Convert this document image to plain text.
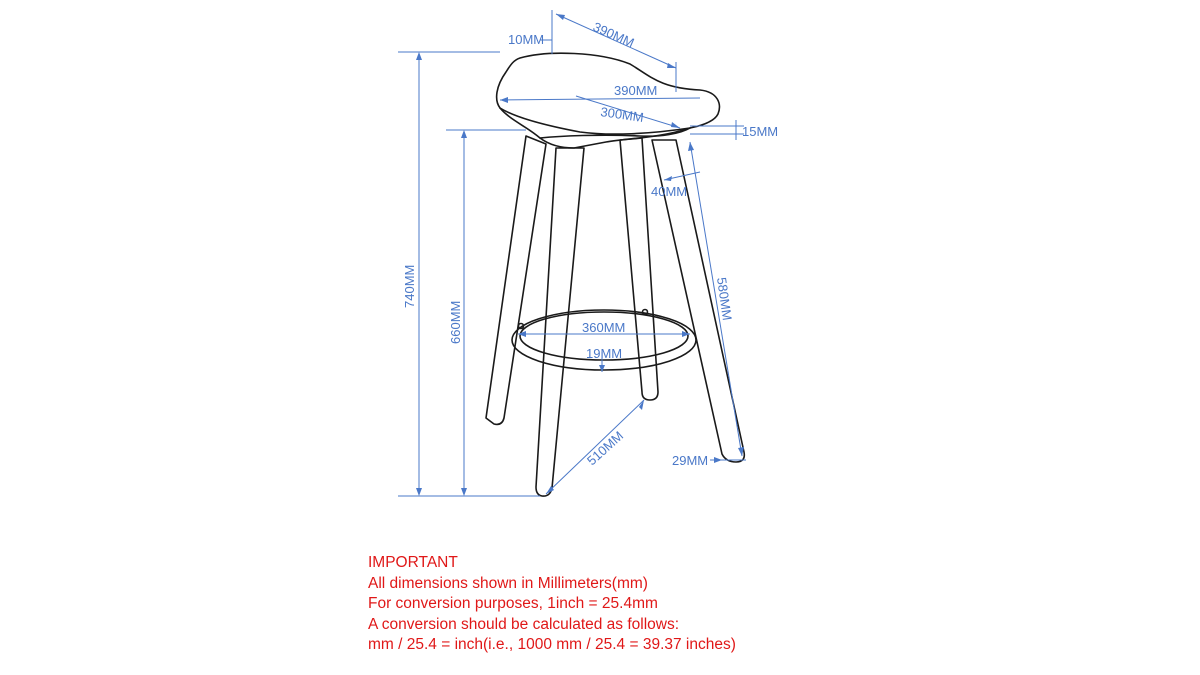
10MM	390MM
390MM
300MM
15MM
40MM
740MM
660MM
580MM
360MM
19MM
510MM	29MM
IMPORTANT
All dimensions shown in Millimeters(mm)
For conversion purposes, 1inch = 25.4mm
A conversion should be calculated as follows:
mm / 25.4 = inch(i.e., 1000 mm / 25.4 = 39.37 inches)
